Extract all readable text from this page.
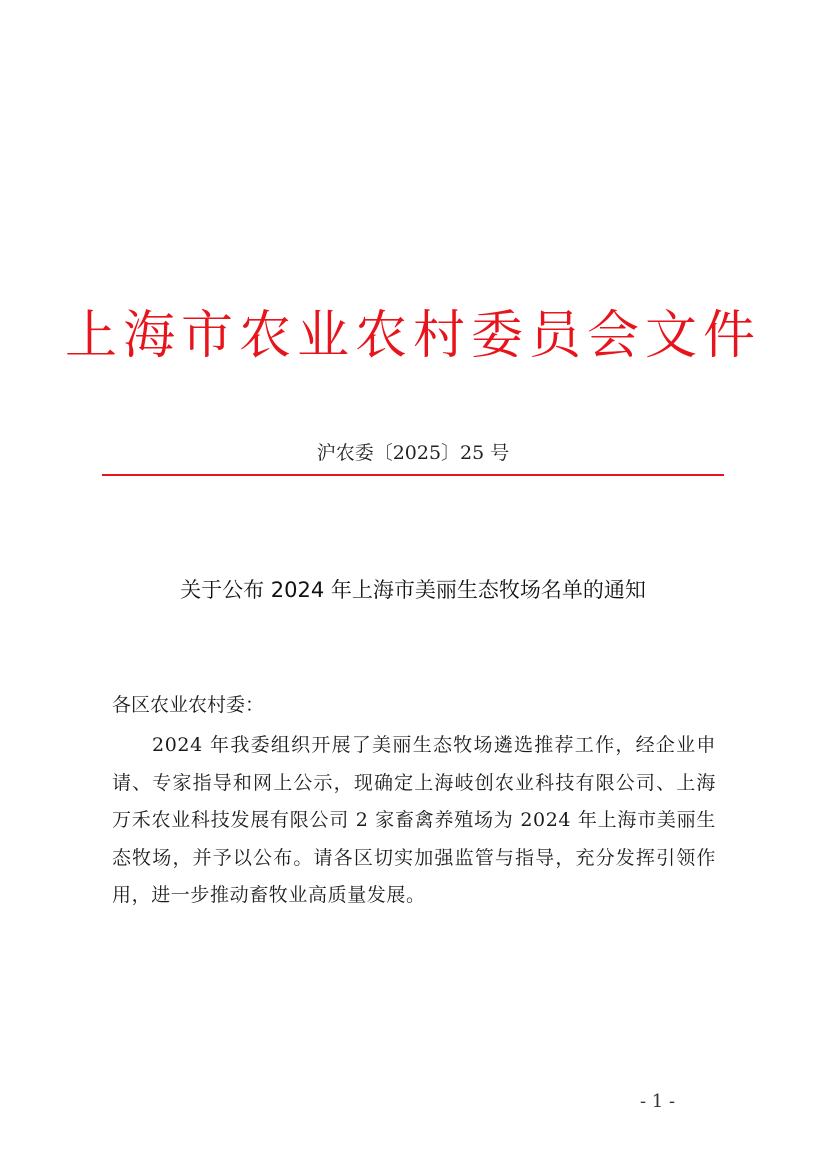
上海市农业农村委员会文件
沪农委〔2025〕25 号
关于公布 2024 年上海市美丽生态牧场名单的通知
各区农业农村委：

2024 年我委组织开展了美丽生态牧场遴选推荐工作，经企业申请、专家指导和网上公示，现确定上海岐创农业科技有限公司、上海万禾农业科技发展有限公司 2 家畜禽养殖场为 2024 年上海市美丽生态牧场，并予以公布。请各区切实加强监管与指导，充分发挥引领作用，进一步推动畜牧业高质量发展。

- 1 -
